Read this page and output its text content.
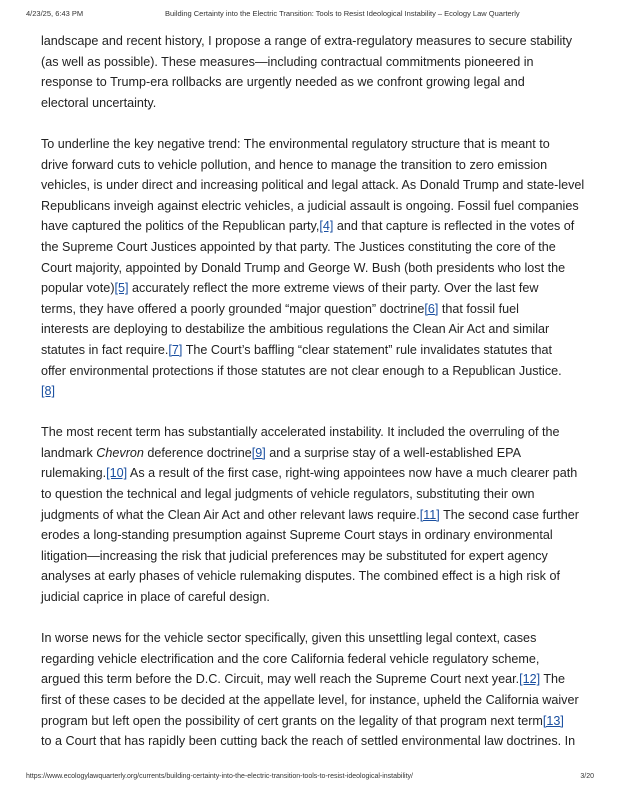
4/23/25, 6:43 PM	Building Certainty into the Electric Transition: Tools to Resist Ideological Instability – Ecology Law Quarterly

landscape and recent history, I propose a range of extra-regulatory measures to secure stability
(as well as possible). These measures—including contractual commitments pioneered in
response to Trump-era rollbacks are urgently needed as we confront growing legal and
electoral uncertainty.

To underline the key negative trend: The environmental regulatory structure that is meant to
drive forward cuts to vehicle pollution, and hence to manage the transition to zero emission
vehicles, is under direct and increasing political and legal attack. As Donald Trump and state-level
Republicans inveigh against electric vehicles, a judicial assault is ongoing. Fossil fuel companies
have captured the politics of the Republican party,[4] and that capture is reflected in the votes of
the Supreme Court Justices appointed by that party. The Justices constituting the core of the
Court majority, appointed by Donald Trump and George W. Bush (both presidents who lost the
popular vote)[5] accurately reflect the more extreme views of their party. Over the last few
terms, they have offered a poorly grounded “major question” doctrine[6] that fossil fuel
interests are deploying to destabilize the ambitious regulations the Clean Air Act and similar
statutes in fact require.[7] The Court’s baffling “clear statement” rule invalidates statutes that
offer environmental protections if those statutes are not clear enough to a Republican Justice.
[8]

The most recent term has substantially accelerated instability. It included the overruling of the
landmark Chevron deference doctrine[9] and a surprise stay of a well-established EPA
rulemaking.[10] As a result of the first case, right-wing appointees now have a much clearer path
to question the technical and legal judgments of vehicle regulators, substituting their own
judgments of what the Clean Air Act and other relevant laws require.[11] The second case further
erodes a long-standing presumption against Supreme Court stays in ordinary environmental
litigation—increasing the risk that judicial preferences may be substituted for expert agency
analyses at early phases of vehicle rulemaking disputes. The combined effect is a high risk of
judicial caprice in place of careful design.

In worse news for the vehicle sector specifically, given this unsettling legal context, cases
regarding vehicle electrification and the core California federal vehicle regulatory scheme,
argued this term before the D.C. Circuit, may well reach the Supreme Court next year.[12] The
first of these cases to be decided at the appellate level, for instance, upheld the California waiver
program but left open the possibility of cert grants on the legality of that program next term[13]
to a Court that has rapidly been cutting back the reach of settled environmental law doctrines. In

https://www.ecologylawquarterly.org/currents/building-certainty-into-the-electric-transition-tools-to-resist-ideological-instability/	3/20
